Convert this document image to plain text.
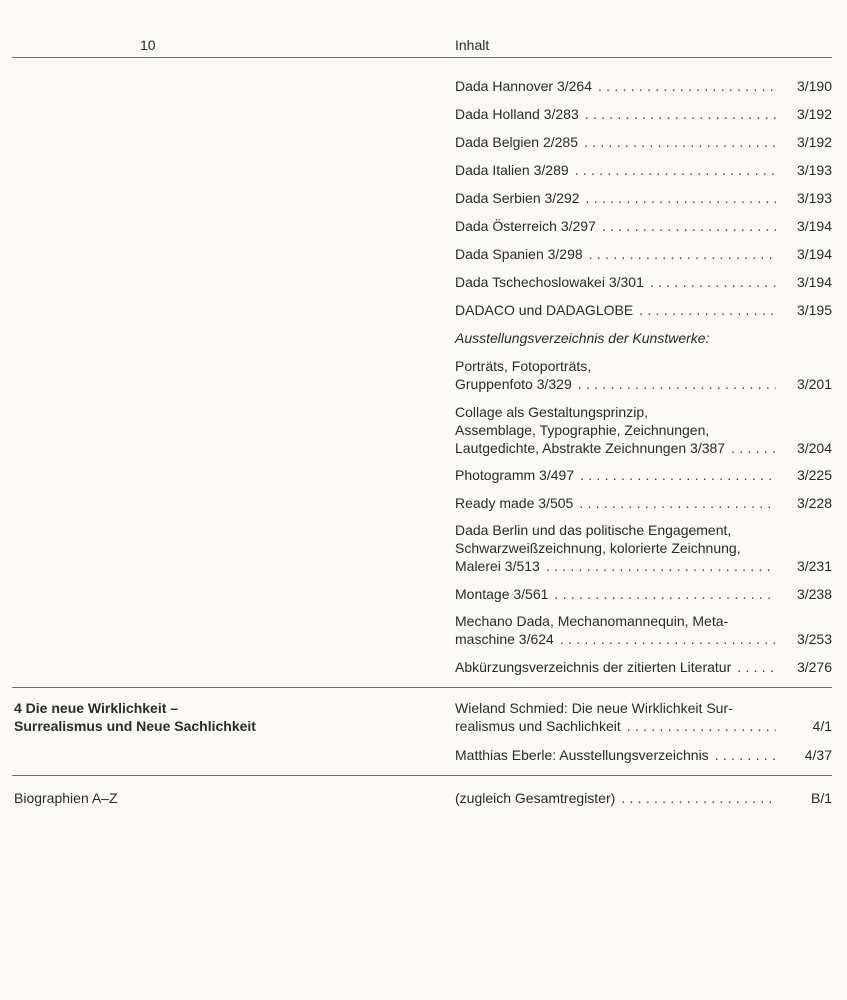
10	Inhalt
Dada Hannover 3/264 . . .	3/190
Dada Holland 3/283 . . .	3/192
Dada Belgien 2/285 . . .	3/192
Dada Italien 3/289 . . .	3/193
Dada Serbien 3/292 . . .	3/193
Dada Österreich 3/297 . . .	3/194
Dada Spanien 3/298 . . .	3/194
Dada Tschechoslowakei 3/301 . . .	3/194
DADACO und DADAGLOBE . . .	3/195
Ausstellungsverzeichnis der Kunstwerke:
Porträts, Fotoporträts,
Gruppenfoto 3/329 . . .	3/201
Collage als Gestaltungsprinzip,
Assemblage, Typographie, Zeichnungen,
Lautgedichte, Abstrakte Zeichnungen 3/387 . . .	3/204
Photogramm 3/497 . . .	3/225
Ready made 3/505 . . .	3/228
Dada Berlin und das politische Engagement,
Schwarzweißzeichnung, kolorierte Zeichnung,
Malerei 3/513 . . .	3/231
Montage 3/561 . . .	3/238
Mechano Dada, Mechanomannequin, Meta-
maschine 3/624 . . .	3/253
Abkürzungsverzeichnis der zitierten Literatur . . .	3/276
4 Die neue Wirklichkeit –
Surrealismus und Neue Sachlichkeit
Wieland Schmied: Die neue Wirklichkeit Sur-
realismus und Sachlichkeit . . .	4/1
Matthias Eberle: Ausstellungsverzeichnis . . .	4/37
Biographien A–Z	(zugleich Gesamtregister) . . .	B/1
